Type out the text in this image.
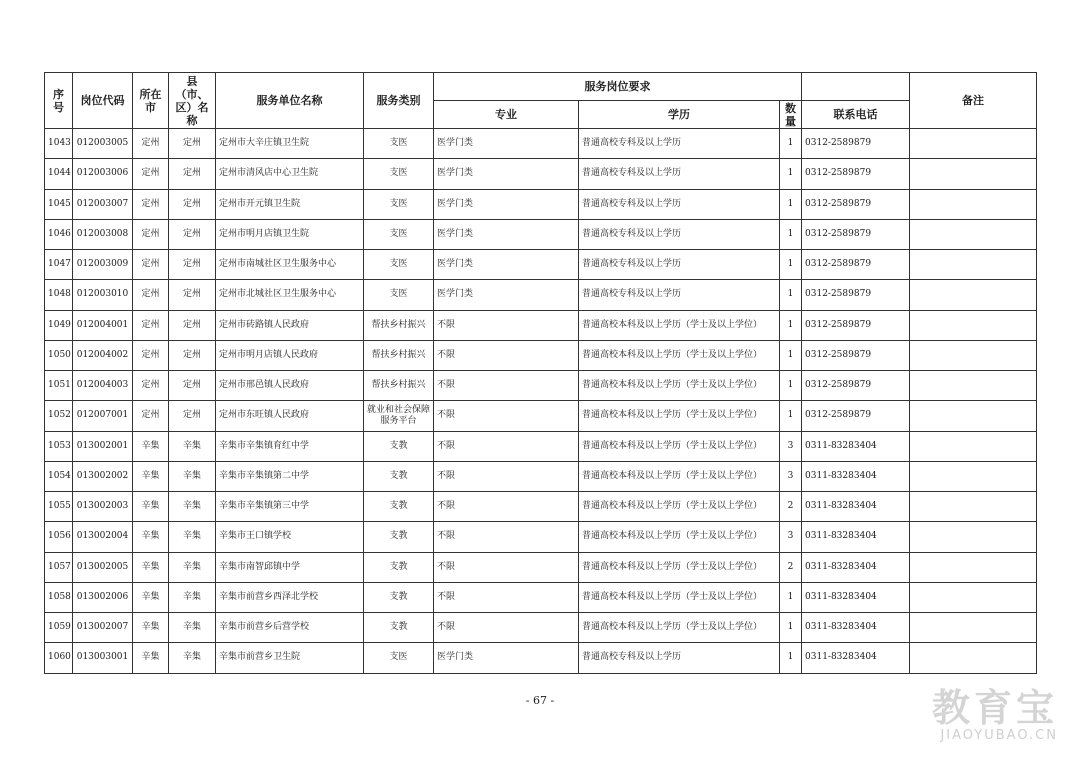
序号	岗位代码	所在市	县（市、区）名称	服务单位名称	服务类别	服务岗位要求				备注
						专业	学历	数量	联系电话	
1043	012003005	定州	定州	定州市大辛庄镇卫生院	支医	医学门类	普通高校专科及以上学历	1	0312-2589879	
1044	012003006	定州	定州	定州市清风店中心卫生院	支医	医学门类	普通高校专科及以上学历	1	0312-2589879	
1045	012003007	定州	定州	定州市开元镇卫生院	支医	医学门类	普通高校专科及以上学历	1	0312-2589879	
1046	012003008	定州	定州	定州市明月店镇卫生院	支医	医学门类	普通高校专科及以上学历	1	0312-2589879	
1047	012003009	定州	定州	定州市南城社区卫生服务中心	支医	医学门类	普通高校专科及以上学历	1	0312-2589879	
1048	012003010	定州	定州	定州市北城社区卫生服务中心	支医	医学门类	普通高校专科及以上学历	1	0312-2589879	
1049	012004001	定州	定州	定州市砖路镇人民政府	帮扶乡村振兴	不限	普通高校本科及以上学历（学士及以上学位）	1	0312-2589879	
1050	012004002	定州	定州	定州市明月店镇人民政府	帮扶乡村振兴	不限	普通高校本科及以上学历（学士及以上学位）	1	0312-2589879	
1051	012004003	定州	定州	定州市邢邑镇人民政府	帮扶乡村振兴	不限	普通高校本科及以上学历（学士及以上学位）	1	0312-2589879	
1052	012007001	定州	定州	定州市东旺镇人民政府	就业和社会保障服务平台	不限	普通高校本科及以上学历（学士及以上学位）	1	0312-2589879	
1053	013002001	辛集	辛集	辛集市辛集镇育红中学	支教	不限	普通高校本科及以上学历（学士及以上学位）	3	0311-83283404	
1054	013002002	辛集	辛集	辛集市辛集镇第二中学	支教	不限	普通高校本科及以上学历（学士及以上学位）	3	0311-83283404	
1055	013002003	辛集	辛集	辛集市辛集镇第三中学	支教	不限	普通高校本科及以上学历（学士及以上学位）	2	0311-83283404	
1056	013002004	辛集	辛集	辛集市王口镇学校	支教	不限	普通高校本科及以上学历（学士及以上学位）	3	0311-83283404	
1057	013002005	辛集	辛集	辛集市南智邱镇中学	支教	不限	普通高校本科及以上学历（学士及以上学位）	2	0311-83283404	
1058	013002006	辛集	辛集	辛集市前营乡西泽北学校	支教	不限	普通高校本科及以上学历（学士及以上学位）	1	0311-83283404	
1059	013002007	辛集	辛集	辛集市前营乡后营学校	支教	不限	普通高校本科及以上学历（学士及以上学位）	1	0311-83283404	
1060	013003001	辛集	辛集	辛集市前营乡卫生院	支医	医学门类	普通高校专科及以上学历	1	0311-83283404	
- 67 -	教育宝
JIAOYUBAO.CN
